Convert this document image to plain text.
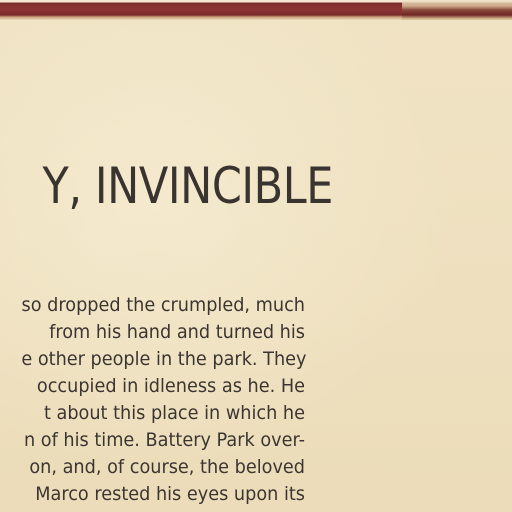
Y, INVINCIBLE
so dropped the crumpled, much
from his hand and turned his
e other people in the park. They
occupied in idleness as he. He
t about this place in which he
n of his time. Battery Park over-
on, and, of course, the beloved
Marco rested his eyes upon its
